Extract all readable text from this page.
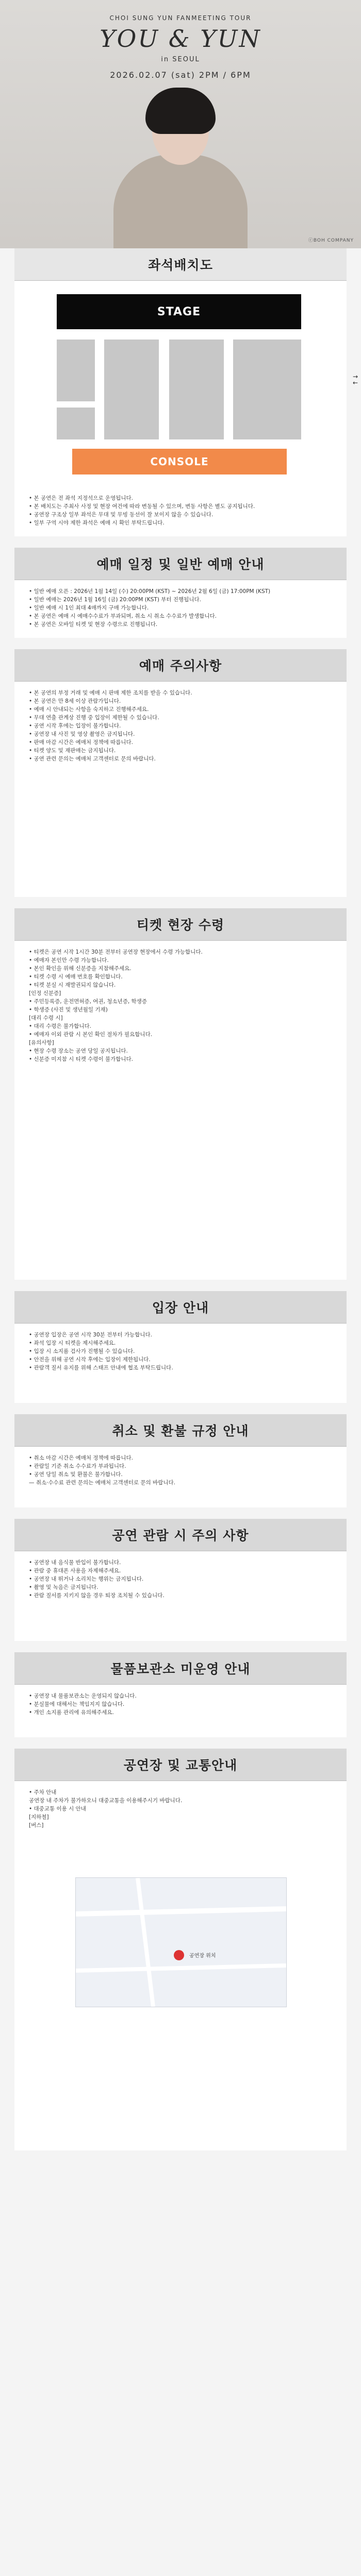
CHOI SUNG YUN FANMEETING TOUR
YOU & YUN
in SEOUL
2026.02.07 (sat) 2PM / 6PM
ⓒBOH COMPANY
좌석배치도
STAGE
CONSOLE
→
←
• 본 공연은 전 좌석 지정석으로 운영됩니다.
• 본 배치도는 주최사 사정 및 현장 여건에 따라 변동될 수 있으며, 변동 사항은 별도 공지됩니다.
• 공연장 구조상 일부 좌석은 무대 및 무빙 동선이 잘 보이지 않을 수 있습니다.
• 일부 구역 시야 제한 좌석은 예매 시 확인 부탁드립니다.
예매 일정 및 일반 예매 안내
• 일반 예매 오픈 : 2026년 1월 14일 (수) 20:00PM (KST) ~ 2026년 2월 6일 (금) 17:00PM (KST)
• 일반 예매는 2026년 1월 16일 (금) 20:00PM (KST) 부터 진행됩니다.
• 일반 예매 시 1인 최대 4매까지 구매 가능합니다.
• 본 공연은 예매 시 예매수수료가 부과되며, 취소 시 취소 수수료가 발생합니다.
• 본 공연은 모바일 티켓 및 현장 수령으로 진행됩니다.
예매 주의사항
• 본 공연의 부정 거래 및 예매 시 판매 제한 조치를 받을 수 있습니다.
• 본 공연은 만 8세 이상 관람가입니다.
• 예매 시 안내되는 사항을 숙지하고 진행해주세요.
• 무대 연출 관계상 진행 중 입장이 제한될 수 있습니다.
• 공연 시작 후에는 입장이 불가합니다.
• 공연장 내 사진 및 영상 촬영은 금지됩니다.
• 판매 마감 시간은 예매처 정책에 따릅니다.
• 티켓 양도 및 재판매는 금지됩니다.
• 공연 관련 문의는 예매처 고객센터로 문의 바랍니다.
티켓 현장 수령
• 티켓은 공연 시작 1시간 30분 전부터 공연장 현장에서 수령 가능합니다.
• 예매자 본인만 수령 가능합니다.
• 본인 확인을 위해 신분증을 지참해주세요.
• 티켓 수령 시 예매 번호를 확인합니다.
• 티켓 분실 시 재발권되지 않습니다.
[인정 신분증]
• 주민등록증, 운전면허증, 여권, 청소년증, 학생증
• 학생증 (사진 및 생년월일 기재)
[대리 수령 시]
• 대리 수령은 불가합니다.
• 예매자 이외 관람 시 본인 확인 절차가 필요합니다.
[유의사항]
• 현장 수령 장소는 공연 당일 공지됩니다.
• 신분증 미지참 시 티켓 수령이 불가합니다.
입장 안내
• 공연장 입장은 공연 시작 30분 전부터 가능합니다.
• 좌석 입장 시 티켓을 제시해주세요.
• 입장 시 소지품 검사가 진행될 수 있습니다.
• 안전을 위해 공연 시작 후에는 입장이 제한됩니다.
• 관람객 질서 유지를 위해 스태프 안내에 협조 부탁드립니다.
취소 및 환불 규정 안내
• 취소 마감 시간은 예매처 정책에 따릅니다.
• 관람일 기준 취소 수수료가 부과됩니다.
• 공연 당일 취소 및 환불은 불가합니다.
— 취소·수수료 관련 문의는 예매처 고객센터로 문의 바랍니다.
공연 관람 시 주의 사항
• 공연장 내 음식물 반입이 불가합니다.
• 관람 중 휴대폰 사용을 자제해주세요.
• 공연장 내 뛰거나 소리치는 행위는 금지됩니다.
• 촬영 및 녹음은 금지됩니다.
• 관람 질서를 지키지 않을 경우 퇴장 조치될 수 있습니다.
물품보관소 미운영 안내
• 공연장 내 물품보관소는 운영되지 않습니다.
• 분실물에 대해서는 책임지지 않습니다.
• 개인 소지품 관리에 유의해주세요.
공연장 및 교통안내
• 주차 안내
공연장 내 주차가 불가하오니 대중교통을 이용해주시기 바랍니다.
• 대중교통 이용 시 안내
[지하철]
[버스]
공연장 위치
